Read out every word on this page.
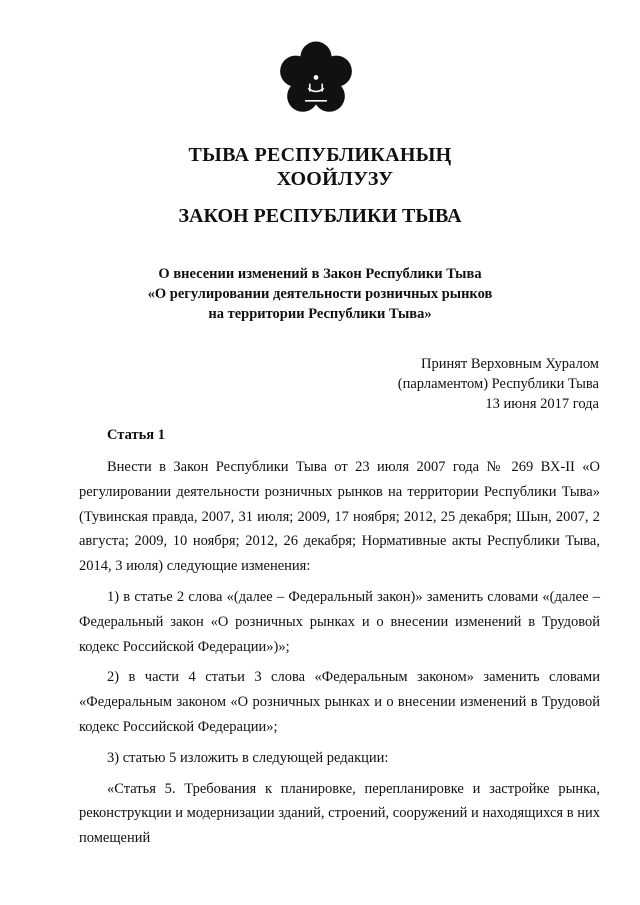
ТЫВА РЕСПУБЛИКАНЫҢ
ХООЙЛУЗУ
ЗАКОН РЕСПУБЛИКИ ТЫВА
О внесении изменений в Закон Республики Тыва
«О регулировании деятельности розничных рынков
на территории Республики Тыва»
Принят Верховным Хуралом
(парламентом) Республики Тыва
13 июня 2017 года
Статья 1

Внести в Закон Республики Тыва от 23 июля 2007 года № 269 ВХ-II «О регулировании деятельности розничных рынков на территории Республики Тыва» (Тувинская правда, 2007, 31 июля; 2009, 17 ноября; 2012, 25 декабря; Шын, 2007, 2 августа; 2009, 10 ноября; 2012, 26 декабря; Нормативные акты Республики Тыва, 2014, 3 июля) следующие изменения:

1) в статье 2 слова «(далее – Федеральный закон)» заменить словами «(далее – Федеральный закон «О розничных рынках и о внесении изменений в Трудовой кодекс Российской Федерации»)»;

2) в части 4 статьи 3 слова «Федеральным законом» заменить словами «Федеральным законом «О розничных рынках и о внесении изменений в Трудовой кодекс Российской Федерации»;

3) статью 5 изложить в следующей редакции:

«Статья 5. Требования к планировке, перепланировке и застройке рынка, реконструкции и модернизации зданий, строений, сооружений и находящихся в них помещений
